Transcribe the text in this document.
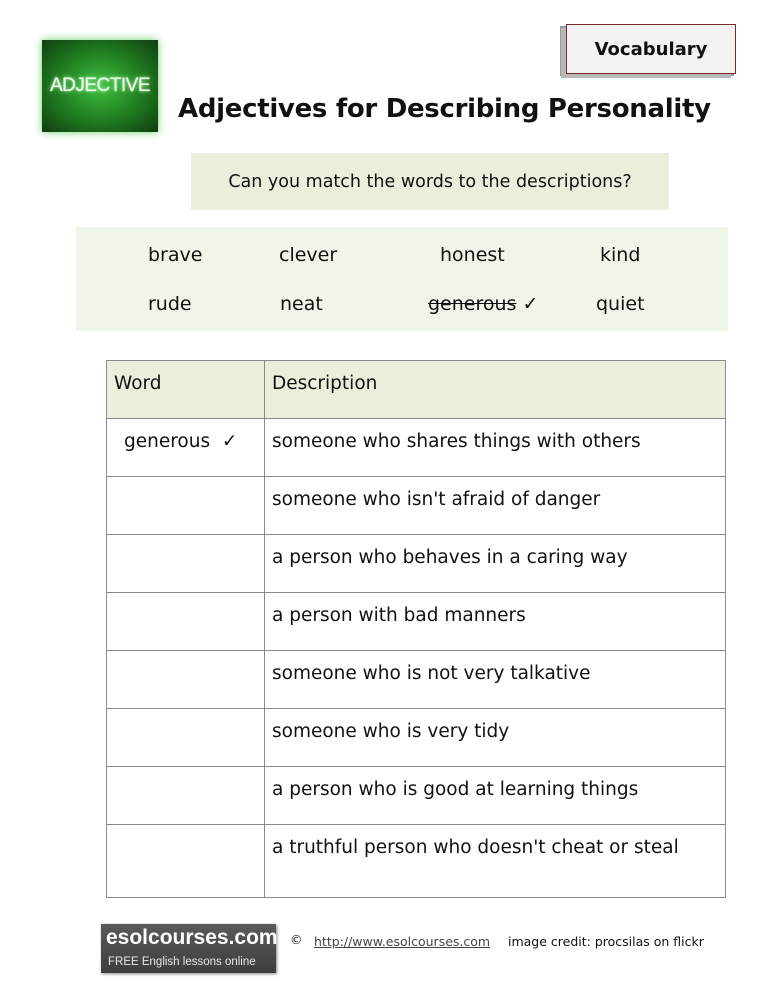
ADJECTIVE
Vocabulary
Adjectives for Describing Personality
Can you match the words to the descriptions?
brave	clever	honest	kind
rude	neat	generous ✓	quiet
Word	Description
generous  ✓	someone who shares things with others
	someone who isn't afraid of danger
	a person who behaves in a caring way
	a person with bad manners
	someone who is not very talkative
	someone who is very tidy
	a person who is good at learning things
	a truthful person who doesn't cheat or steal
esolcourses.com
FREE English lessons online
© http://www.esolcourses.com image credit: procsilas on flickr
